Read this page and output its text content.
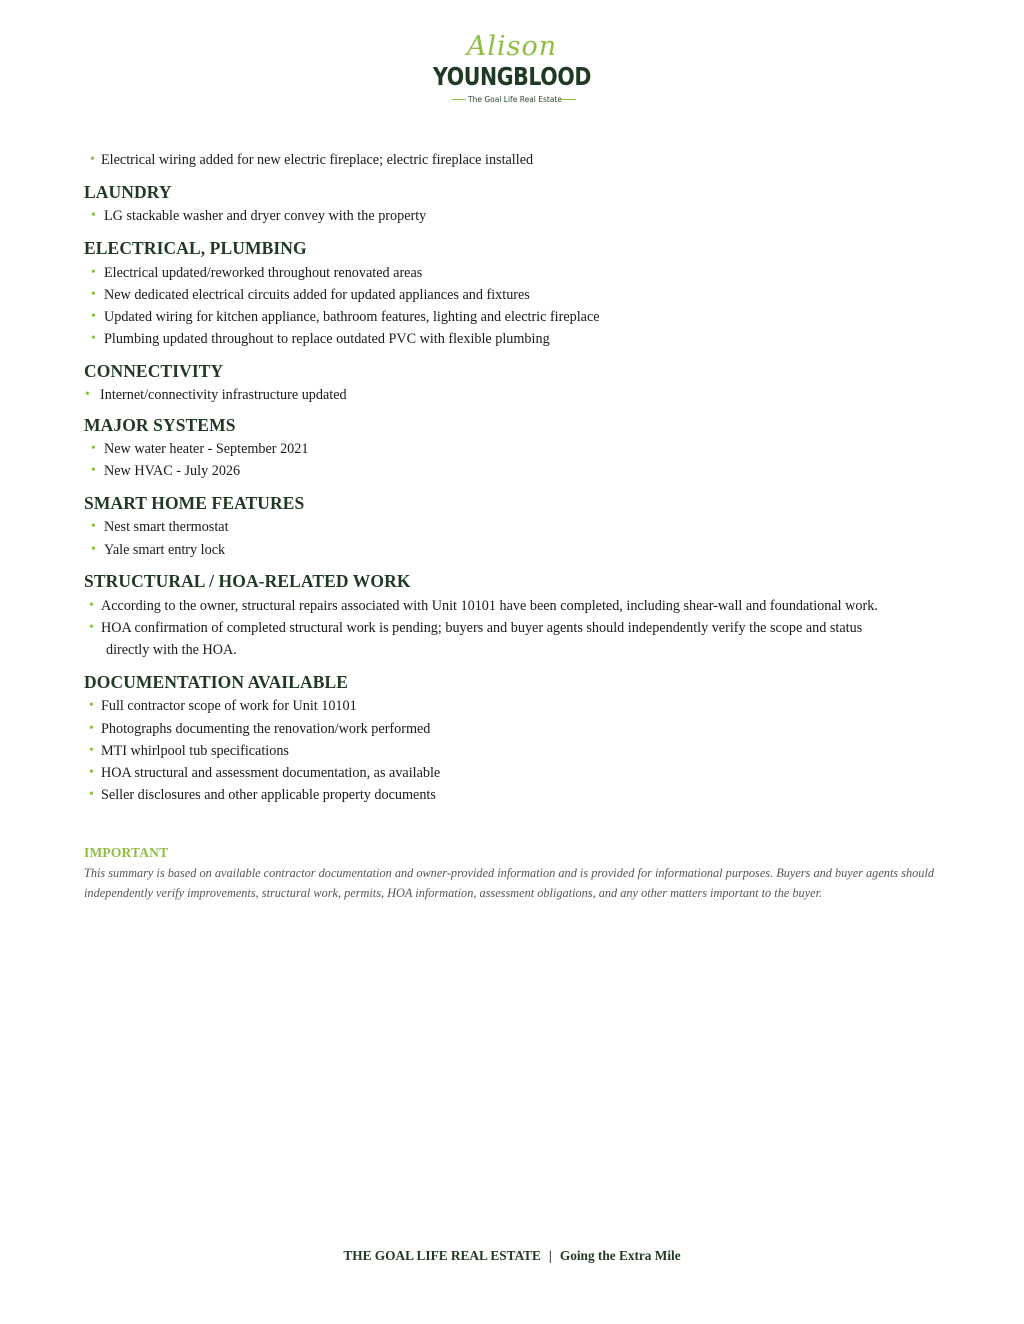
Alison
YOUNGBLOOD
The Goal Life Real Estate
• Electrical wiring added for new electric fireplace; electric fireplace installed
LAUNDRY
• LG stackable washer and dryer convey with the property
ELECTRICAL, PLUMBING
• Electrical updated/reworked throughout renovated areas
• New dedicated electrical circuits added for updated appliances and fixtures
• Updated wiring for kitchen appliance, bathroom features, lighting and electric fireplace
• Plumbing updated throughout to replace outdated PVC with flexible plumbing
CONNECTIVITY
• Internet/connectivity infrastructure updated
MAJOR SYSTEMS
• New water heater - September 2021
• New HVAC - July 2026
SMART HOME FEATURES
• Nest smart thermostat
• Yale smart entry lock
STRUCTURAL / HOA-RELATED WORK
• According to the owner, structural repairs associated with Unit 10101 have been completed, including shear-wall and foundational work.
• HOA confirmation of completed structural work is pending; buyers and buyer agents should independently verify the scope and status
directly with the HOA.
DOCUMENTATION AVAILABLE
• Full contractor scope of work for Unit 10101
• Photographs documenting the renovation/work performed
• MTI whirlpool tub specifications
• HOA structural and assessment documentation, as available
• Seller disclosures and other applicable property documents
IMPORTANT
This summary is based on available contractor documentation and owner-provided information and is provided for informational purposes. Buyers and buyer agents should independently verify improvements, structural work, permits, HOA information, assessment obligations, and any other matters important to the buyer.
THE GOAL LIFE REAL ESTATE | Going the Extra Mile
